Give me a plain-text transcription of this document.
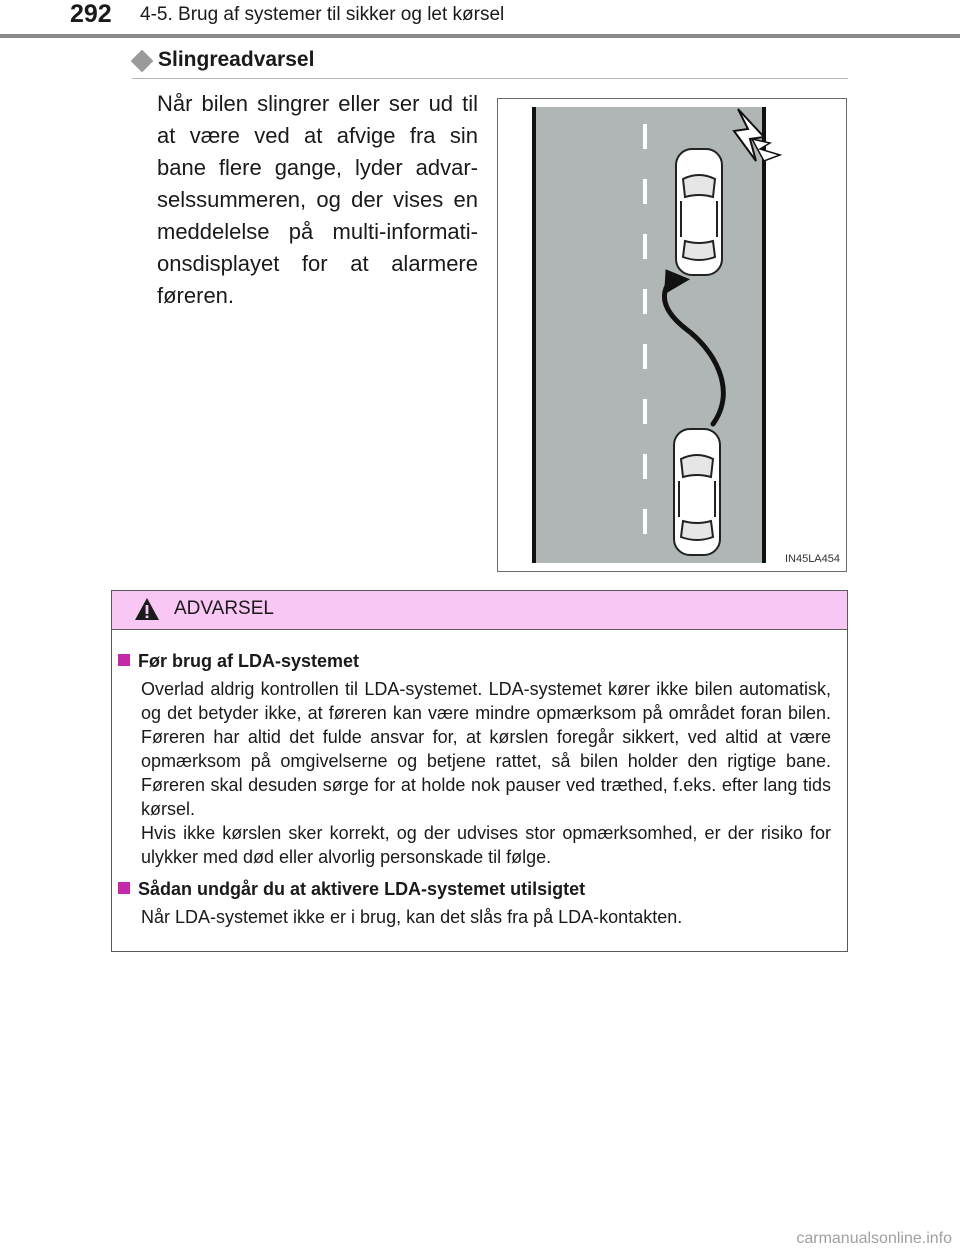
292 4-5. Brug af systemer til sikker og let kørsel
Slingreadvarsel
Når bilen slingrer eller ser ud til at være ved at afvige fra sin bane flere gange, lyder advarselssummeren, og der vises en meddelelse på multi-informationsdisplayet for at alarmere føreren.
IN45LA454
ADVARSEL
Før brug af LDA-systemet

Overlad aldrig kontrollen til LDA-systemet. LDA-systemet kører ikke bilen automatisk, og det betyder ikke, at føreren kan være mindre opmærksom på området foran bilen. Føreren har altid det fulde ansvar for, at kørslen foregår sikkert, ved altid at være opmærksom på omgivelserne og betjene rattet, så bilen holder den rigtige bane. Føreren skal desuden sørge for at holde nok pauser ved træthed, f.eks. efter lang tids kørsel.

Hvis ikke kørslen sker korrekt, og der udvises stor opmærksomhed, er der risiko for ulykker med død eller alvorlig personskade til følge.

Sådan undgår du at aktivere LDA-systemet utilsigtet

Når LDA-systemet ikke er i brug, kan det slås fra på LDA-kontakten.

carmanualsonline.info
